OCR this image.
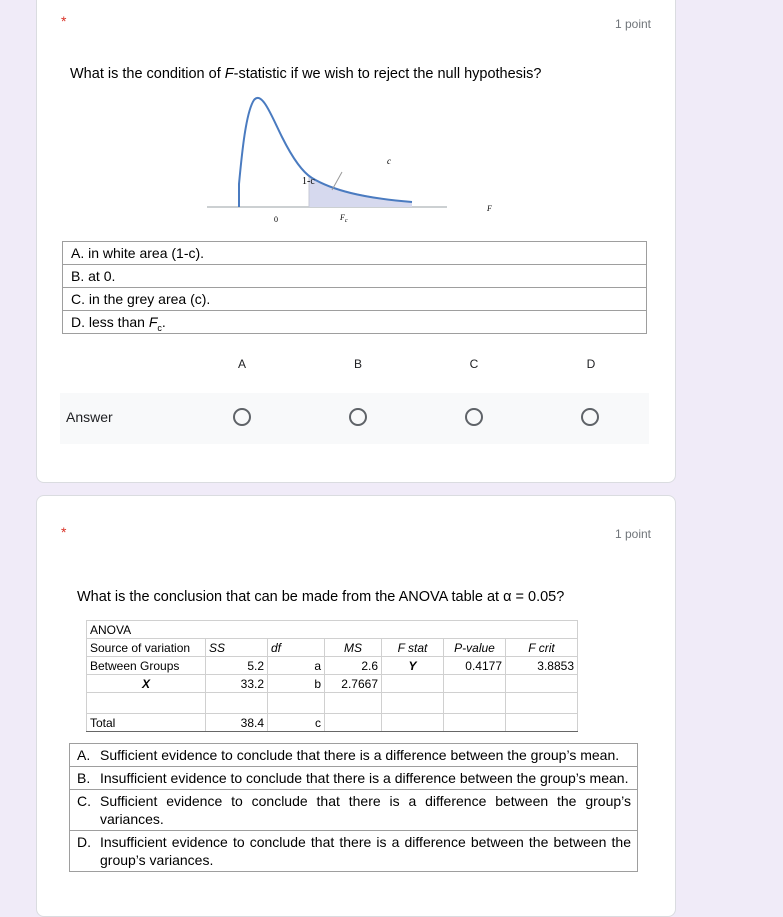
*	1 point
What is the condition of F-statistic if we wish to reject the null hypothesis?
c
1-c
0	$F_c$
F
A. in white area (1-c).
B. at 0.
C. in the grey area (c).
D. less than $F_c$.
A	B	C	D
Answer
*	1 point
What is the conclusion that can be made from the ANOVA table at α = 0.05?
ANOVA						
Source of variation	SS	df	MS	F stat	P-value	F crit
Between Groups	5.2	a	2.6	Y	0.4177	3.8853
X	33.2	b	2.7667			

Total	38.4	c				
A. Sufficient evidence to conclude that there is a difference between the group’s mean.
B. Insufficient evidence to conclude that there is a difference between the group’s mean.
C. Sufficient evidence to conclude that there is a difference between the group’s variances.
D. Insufficient evidence to conclude that there is a difference between the between the group’s variances.
